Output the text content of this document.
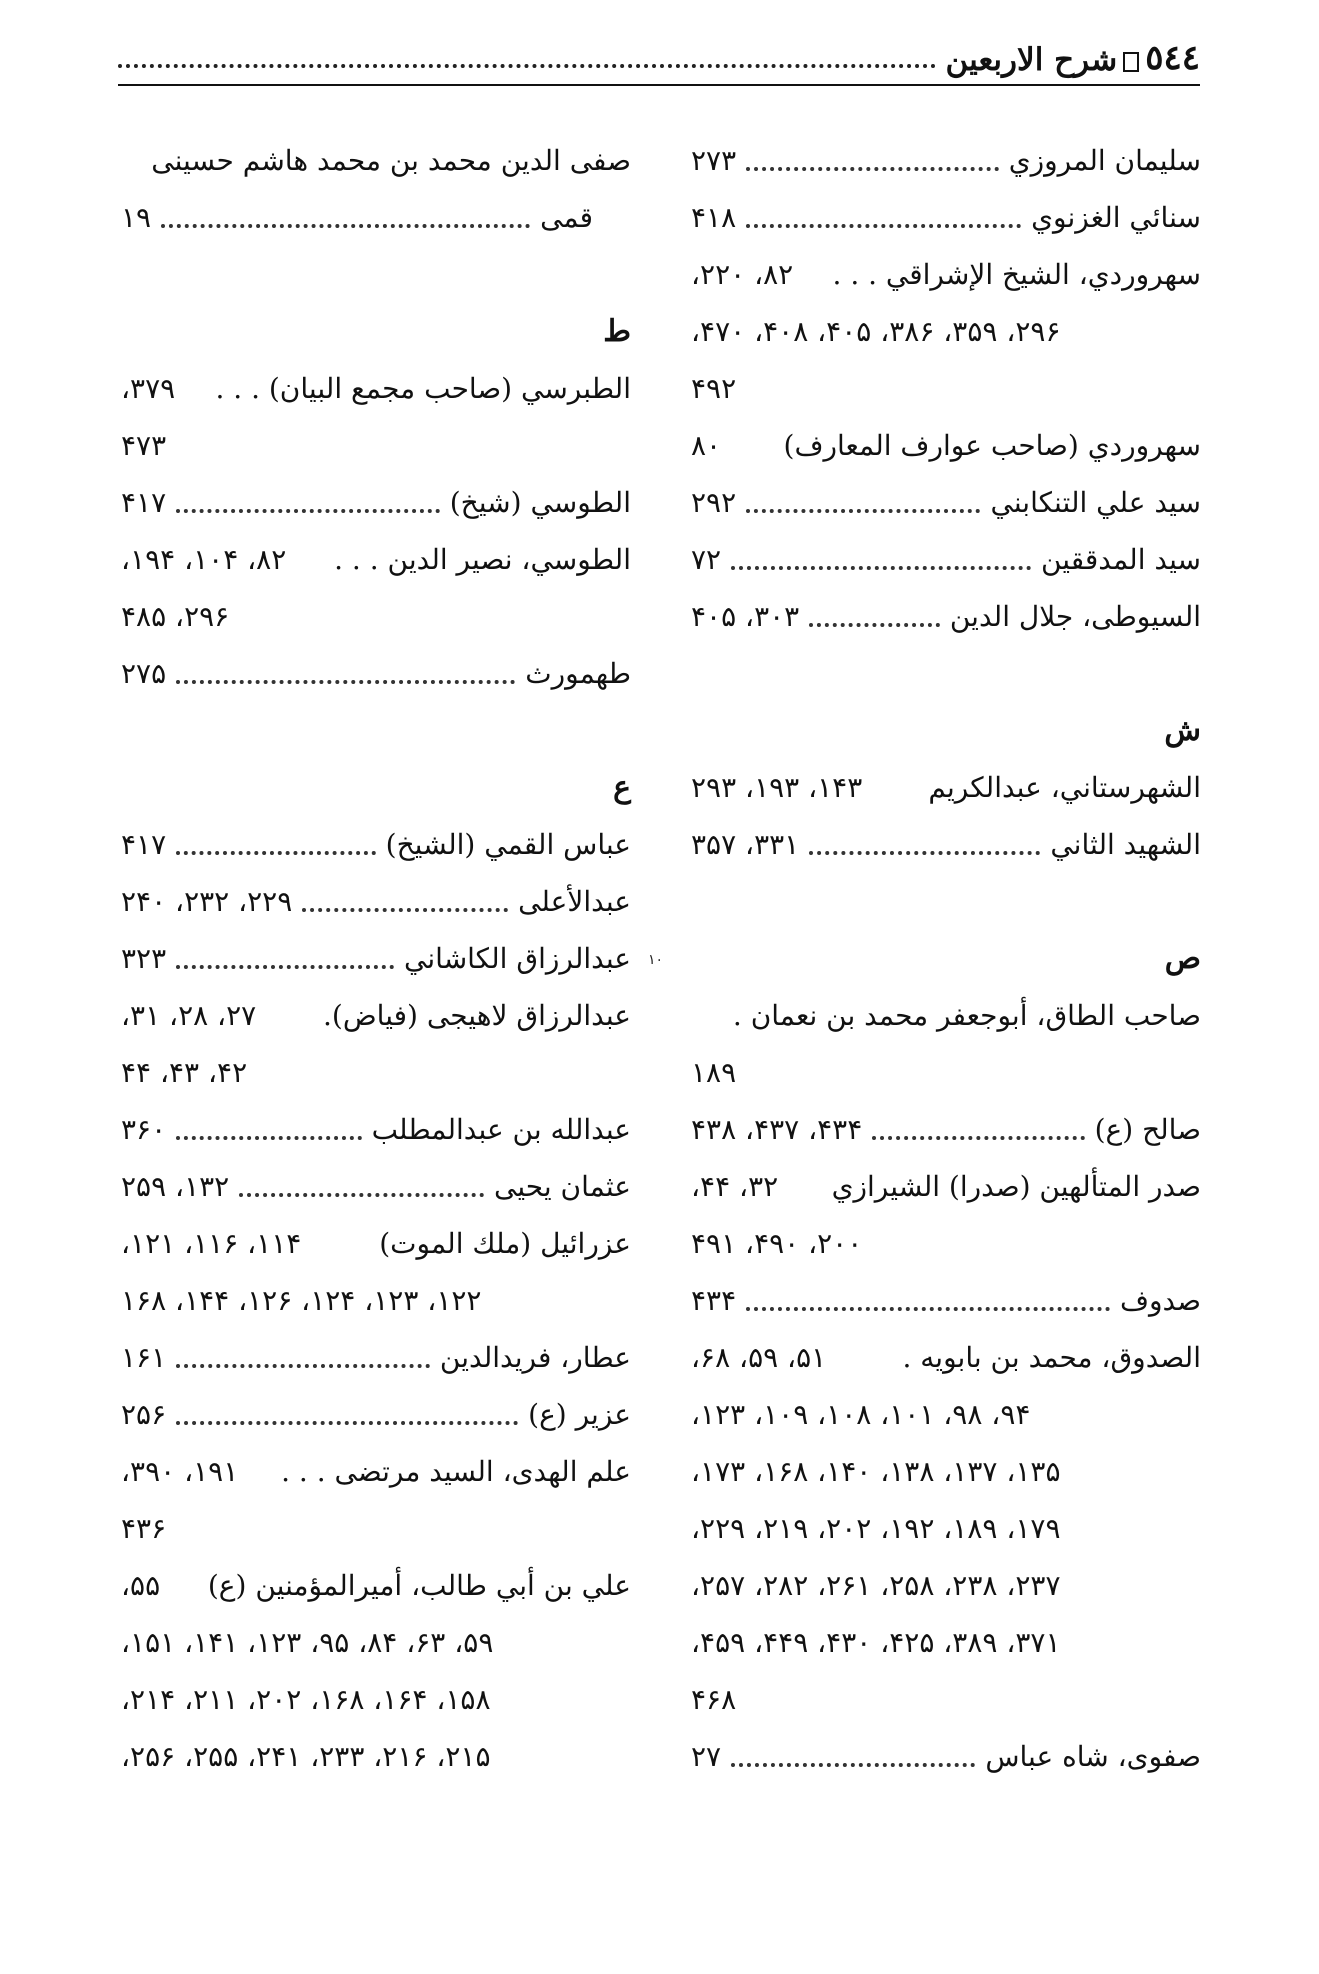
٥٤٤
شرح الاربعين
سليمان المروزي
۲۷۳
سنائي الغزنوي
۴۱۸
سهروردي، الشيخ الإشراقي . . .
۸۲، ۲۲۰،
۲۹۶، ۳۵۹، ۳۸۶، ۴۰۵، ۴۰۸، ۴۷۰،
۴۹۲
سهروردي (صاحب عوارف المعارف)
۸۰
سيد علي التنكابني
۲۹۲
سيد المدققين
۷۲
السيوطى، جلال الدين
۳۰۳، ۴۰۵
ش
الشهرستاني، عبدالكريم
۱۴۳، ۱۹۳، ۲۹۳
الشهيد الثاني
۳۳۱، ۳۵۷
ص
صاحب الطاق، أبوجعفر محمد بن نعمان .
۱۸۹
صالح (ع)
۴۳۴، ۴۳۷، ۴۳۸
صدر المتألهين (صدرا) الشيرازي
۳۲، ۴۴،
۲۰۰، ۴۹۰، ۴۹۱
صدوف
۴۳۴
الصدوق، محمد بن بابويه .
۵۱، ۵۹، ۶۸،
۹۴، ۹۸، ۱۰۱، ۱۰۸، ۱۰۹، ۱۲۳،
۱۳۵، ۱۳۷، ۱۳۸، ۱۴۰، ۱۶۸، ۱۷۳،
۱۷۹، ۱۸۹، ۱۹۲، ۲۰۲، ۲۱۹، ۲۲۹،
۲۳۷، ۲۳۸، ۲۵۸، ۲۶۱، ۲۸۲، ۲۵۷،
۳۷۱، ۳۸۹، ۴۲۵، ۴۳۰، ۴۴۹، ۴۵۹،
۴۶۸
صفوى، شاه عباس
۲۷
صفى الدين محمد بن محمد هاشم حسينى
قمى
۱۹
ط
الطبرسي (صاحب مجمع البيان) . . .
۳۷۹،
۴۷۳
الطوسي (شيخ)
۴۱۷
الطوسي، نصير الدين . . .
۸۲، ۱۰۴، ۱۹۴،
۲۹۶، ۴۸۵
طهمورث
۲۷۵
ع
عباس القمي (الشيخ)
۴۱۷
عبدالأعلى
۲۲۹، ۲۳۲، ۲۴۰
عبدالرزاق الكاشاني
۳۲۳
عبدالرزاق لاهيجى (فياض).
۲۷، ۲۸، ۳۱،
۴۲، ۴۳، ۴۴
عبدالله بن عبدالمطلب
۳۶۰
عثمان يحيى
۱۳۲، ۲۵۹
عزرائيل (ملك الموت)
۱۱۴، ۱۱۶، ۱۲۱،
۱۲۲، ۱۲۳، ۱۲۴، ۱۲۶، ۱۴۴، ۱۶۸
عطار، فريدالدين
۱۶۱
عزير (ع)
۲۵۶
علم الهدى، السيد مرتضى . . .
۱۹۱، ۳۹۰،
۴۳۶
علي بن أبي طالب، أميرالمؤمنين (ع)
۵۵،
۵۹، ۶۳، ۸۴، ۹۵، ۱۲۳، ۱۴۱، ۱۵۱،
۱۵۸، ۱۶۴، ۱۶۸، ۲۰۲، ۲۱۱، ۲۱۴،
۲۱۵، ۲۱۶، ۲۳۳، ۲۴۱، ۲۵۵، ۲۵۶،
۱۰
